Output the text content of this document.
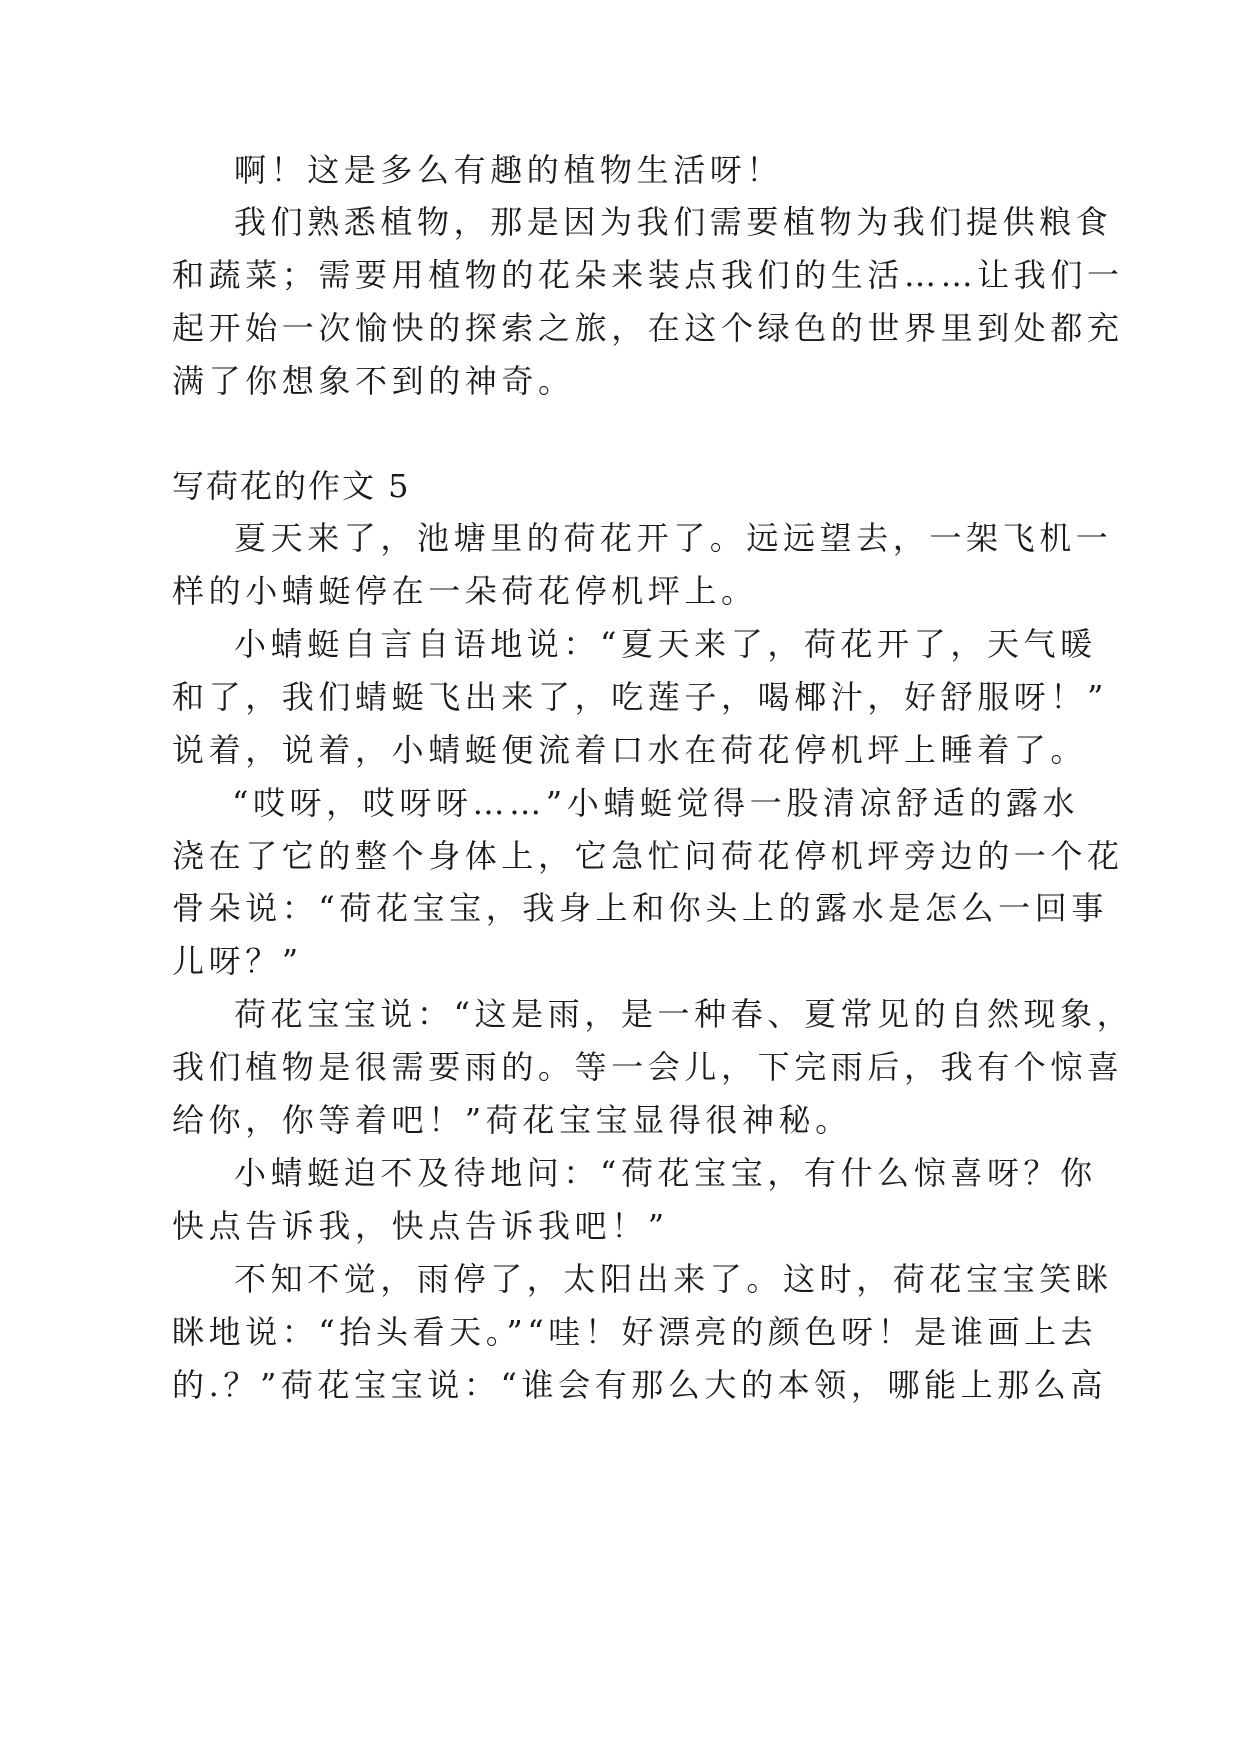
啊！这是多么有趣的植物生活呀！

我们熟悉植物，那是因为我们需要植物为我们提供粮食

和蔬菜；需要用植物的花朵来装点我们的生活……让我们一

起开始一次愉快的探索之旅，在这个绿色的世界里到处都充

满了你想象不到的神奇。

写荷花的作文 5

夏天来了，池塘里的荷花开了。远远望去，一架飞机一

样的小蜻蜓停在一朵荷花停机坪上。

小蜻蜓自言自语地说：“夏天来了，荷花开了，天气暖

和了，我们蜻蜓飞出来了，吃莲子，喝椰汁，好舒服呀！”

说着，说着，小蜻蜓便流着口水在荷花停机坪上睡着了。

“哎呀，哎呀呀……”小蜻蜓觉得一股清凉舒适的露水

浇在了它的整个身体上，它急忙问荷花停机坪旁边的一个花

骨朵说：“荷花宝宝，我身上和你头上的露水是怎么一回事

儿呀？”

荷花宝宝说：“这是雨，是一种春、夏常见的自然现象，

我们植物是很需要雨的。等一会儿，下完雨后，我有个惊喜

给你，你等着吧！”荷花宝宝显得很神秘。

小蜻蜓迫不及待地问：“荷花宝宝，有什么惊喜呀？你

快点告诉我，快点告诉我吧！”

不知不觉，雨停了，太阳出来了。这时，荷花宝宝笑眯

眯地说：“抬头看天。”“哇！好漂亮的颜色呀！是谁画上去

的.？”荷花宝宝说：“谁会有那么大的本领，哪能上那么高
